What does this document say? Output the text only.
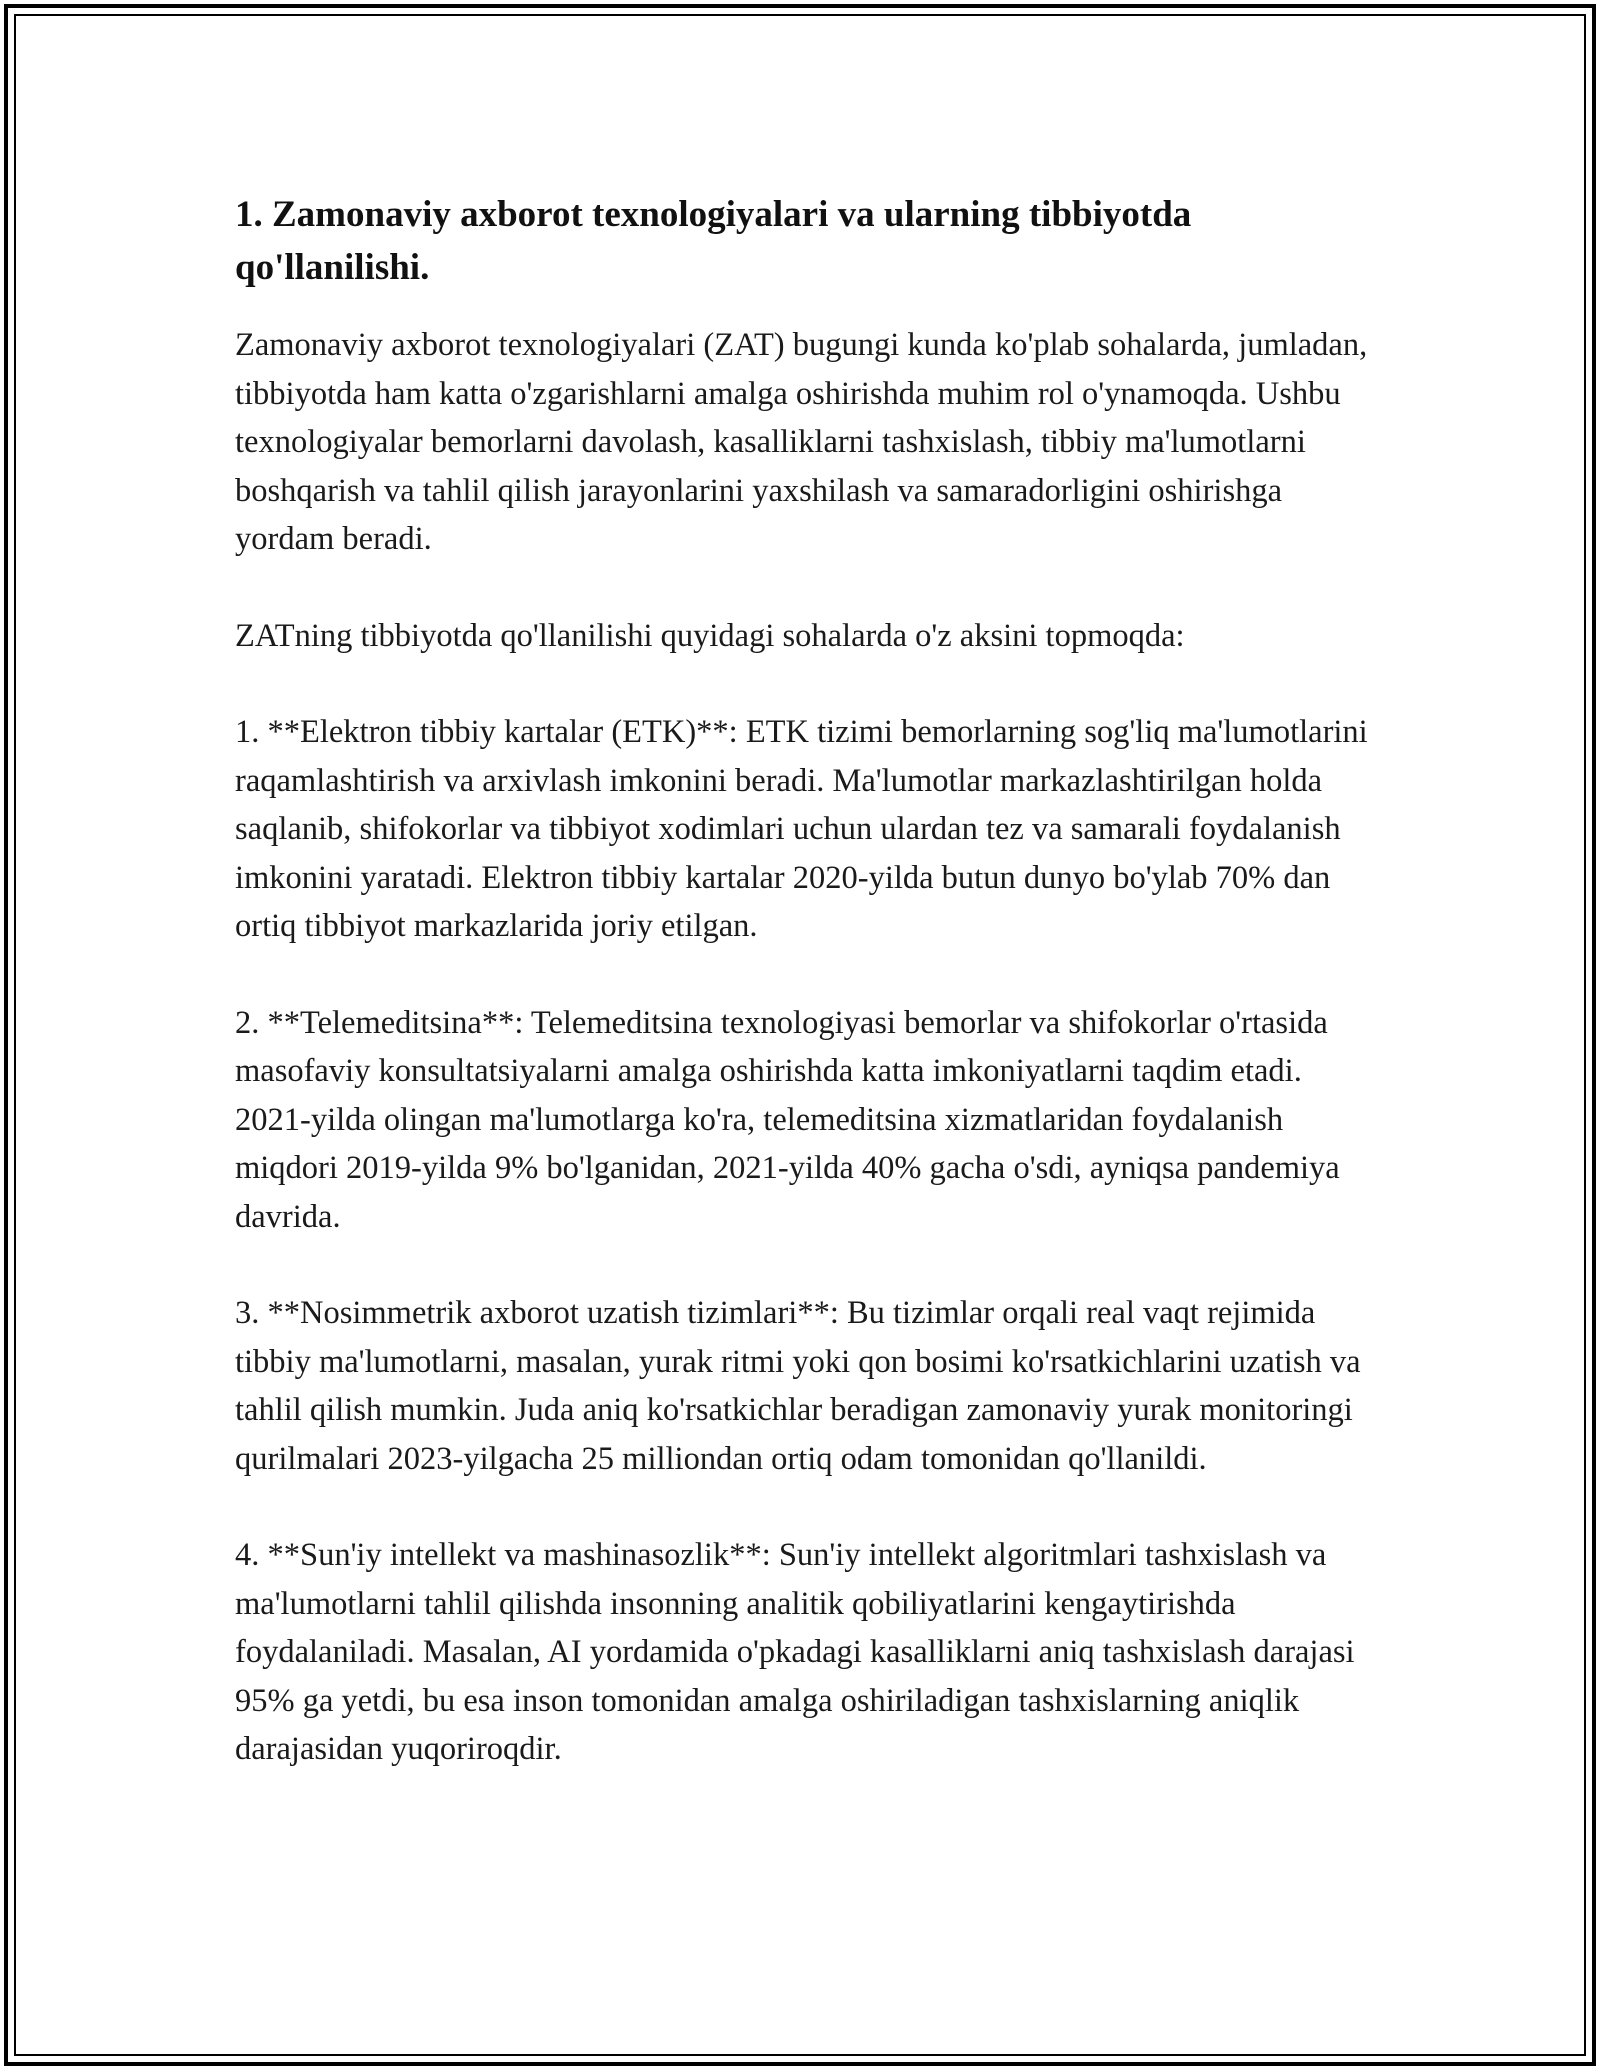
1. Zamonaviy axborot texnologiyalari va ularning tibbiyotda qo'llanilishi.

Zamonaviy axborot texnologiyalari (ZAT) bugungi kunda ko'plab sohalarda, jumladan, tibbiyotda ham katta o'zgarishlarni amalga oshirishda muhim rol o'ynamoqda. Ushbu texnologiyalar bemorlarni davolash, kasalliklarni tashxislash, tibbiy ma'lumotlarni boshqarish va tahlil qilish jarayonlarini yaxshilash va samaradorligini oshirishga yordam beradi.

ZATning tibbiyotda qo'llanilishi quyidagi sohalarda o'z aksini topmoqda:

1. **Elektron tibbiy kartalar (ETK)**: ETK tizimi bemorlarning sog'liq ma'lumotlarini raqamlashtirish va arxivlash imkonini beradi. Ma'lumotlar markazlashtirilgan holda saqlanib, shifokorlar va tibbiyot xodimlari uchun ulardan tez va samarali foydalanish imkonini yaratadi. Elektron tibbiy kartalar 2020-yilda butun dunyo bo'ylab 70% dan ortiq tibbiyot markazlarida joriy etilgan.

2. **Telemeditsina**: Telemeditsina texnologiyasi bemorlar va shifokorlar o'rtasida masofaviy konsultatsiyalarni amalga oshirishda katta imkoniyatlarni taqdim etadi. 2021-yilda olingan ma'lumotlarga ko'ra, telemeditsina xizmatlaridan foydalanish miqdori 2019-yilda 9% bo'lganidan, 2021-yilda 40% gacha o'sdi, ayniqsa pandemiya davrida.

3. **Nosimmetrik axborot uzatish tizimlari**: Bu tizimlar orqali real vaqt rejimida tibbiy ma'lumotlarni, masalan, yurak ritmi yoki qon bosimi ko'rsatkichlarini uzatish va tahlil qilish mumkin. Juda aniq ko'rsatkichlar beradigan zamonaviy yurak monitoringi qurilmalari 2023-yilgacha 25 milliondan ortiq odam tomonidan qo'llanildi.

4. **Sun'iy intellekt va mashinasozlik**: Sun'iy intellekt algoritmlari tashxislash va ma'lumotlarni tahlil qilishda insonning analitik qobiliyatlarini kengaytirishda foydalaniladi. Masalan, AI yordamida o'pkadagi kasalliklarni aniq tashxislash darajasi 95% ga yetdi, bu esa inson tomonidan amalga oshiriladigan tashxislarning aniqlik darajasidan yuqoriroqdir.
